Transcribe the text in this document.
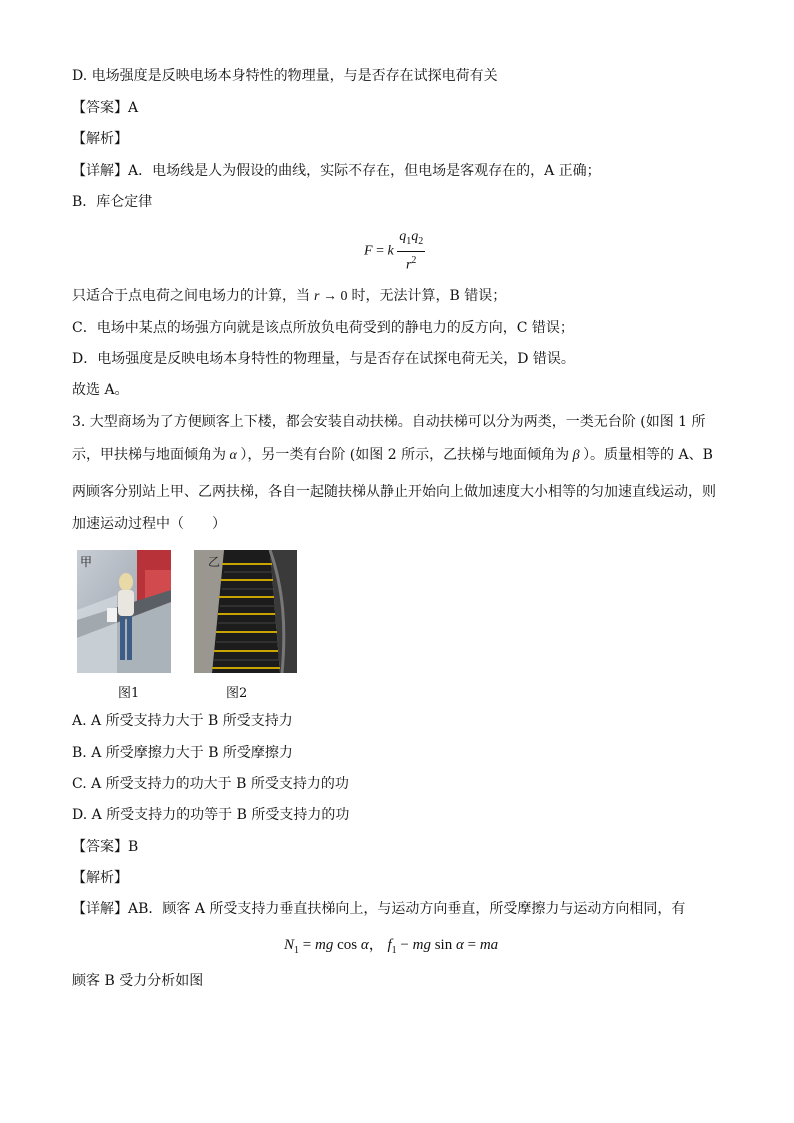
D. 电场强度是反映电场本身特性的物理量，与是否存在试探电荷有关
【答案】A
【解析】
【详解】A．电场线是人为假设的曲线，实际不存在，但电场是客观存在的，A 正确；
B．库仑定律
F = k $\frac{q_1q_2}{r^2}$
只适合于点电荷之间电场力的计算，当 r → 0 时，无法计算，B 错误；
C．电场中某点的场强方向就是该点所放负电荷受到的静电力的反方向，C 错误；
D．电场强度是反映电场本身特性的物理量，与是否存在试探电荷无关，D 错误。
故选 A。
3. 大型商场为了方便顾客上下楼，都会安装自动扶梯。自动扶梯可以分为两类，一类无台阶 (如图 1 所
示，甲扶梯与地面倾角为 α ），另一类有台阶 (如图 2 所示，乙扶梯与地面倾角为 β ）。质量相等的 A、B
两顾客分别站上甲、乙两扶梯，各自一起随扶梯从静止开始向上做加速度大小相等的匀加速直线运动，则
加速运动过程中（　　）
甲
图1
乙
图2
A. A 所受支持力大于 B 所受支持力
B. A 所受摩擦力大于 B 所受摩擦力
C. A 所受支持力的功大于 B 所受支持力的功
D. A 所受支持力的功等于 B 所受支持力的功
【答案】B
【解析】
【详解】AB．顾客 A 所受支持力垂直扶梯向上，与运动方向垂直，所受摩擦力与运动方向相同，有
$N_1$ = mg cos α， $f_1$ − mg sin α = ma
顾客 B 受力分析如图
